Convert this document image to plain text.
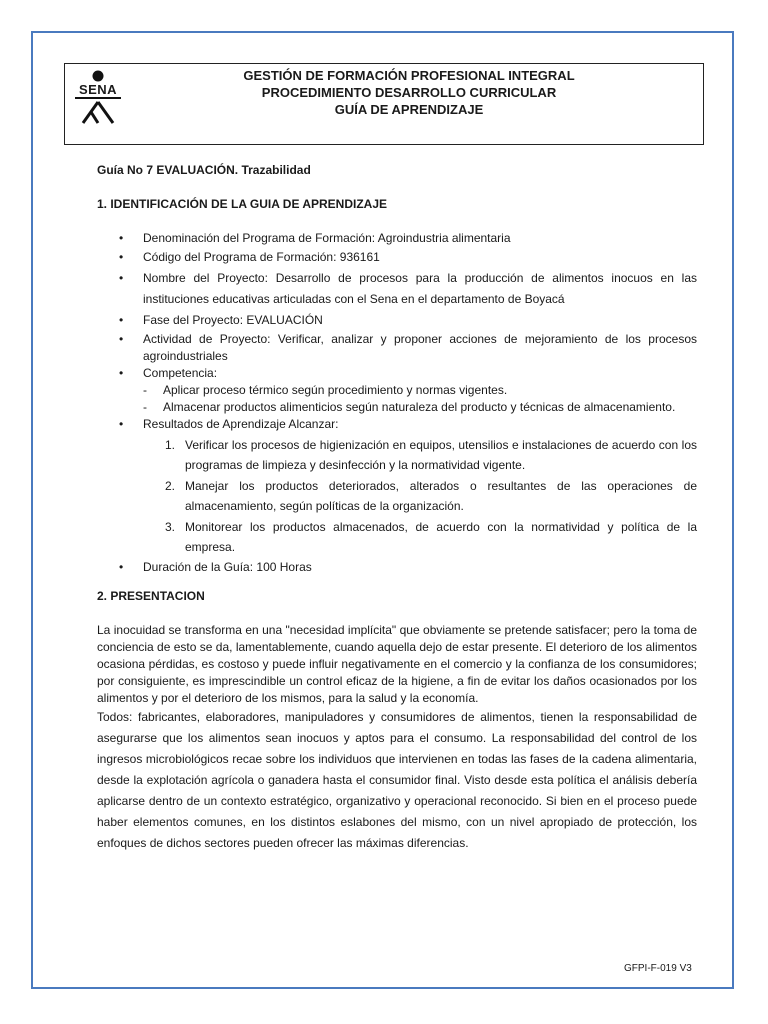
SENA
GESTIÓN DE FORMACIÓN PROFESIONAL INTEGRAL
PROCEDIMIENTO DESARROLLO CURRICULAR
GUÍA DE APRENDIZAJE

Guía No 7 EVALUACIÓN. Trazabilidad

1. IDENTIFICACIÓN DE LA GUIA DE APRENDIZAJE

• Denominación del Programa de Formación: Agroindustria alimentaria
• Código del Programa de Formación: 936161
• Nombre del Proyecto: Desarrollo de procesos para la producción de alimentos inocuos en las instituciones educativas articuladas con el Sena en el departamento de Boyacá
• Fase del Proyecto: EVALUACIÓN
• Actividad de Proyecto: Verificar, analizar y proponer acciones de mejoramiento de los procesos agroindustriales
• Competencia:
- Aplicar proceso térmico según procedimiento y normas vigentes.
- Almacenar productos alimenticios según naturaleza del producto y técnicas de almacenamiento.
• Resultados de Aprendizaje Alcanzar:
1. Verificar los procesos de higienización en equipos, utensilios e instalaciones de acuerdo con los programas de limpieza y desinfección y la normatividad vigente.
2. Manejar los productos deteriorados, alterados o resultantes de las operaciones de almacenamiento, según políticas de la organización.
3. Monitorear los productos almacenados, de acuerdo con la normatividad y política de la empresa.
• Duración de la Guía: 100 Horas

2. PRESENTACION

La inocuidad se transforma en una "necesidad implícita" que obviamente se pretende satisfacer; pero la toma de conciencia de esto se da, lamentablemente, cuando aquella dejo de estar presente. El deterioro de los alimentos ocasiona pérdidas, es costoso y puede influir negativamente en el comercio y la confianza de los consumidores; por consiguiente, es imprescindible un control eficaz de la higiene, a fin de evitar los daños ocasionados por los alimentos y por el deterioro de los mismos, para la salud y la economía.

Todos: fabricantes, elaboradores, manipuladores y consumidores de alimentos, tienen la responsabilidad de asegurarse que los alimentos sean inocuos y aptos para el consumo. La responsabilidad del control de los ingresos microbiológicos recae sobre los individuos que intervienen en todas las fases de la cadena alimentaria, desde la explotación agrícola o ganadera hasta el consumidor final. Visto desde esta política el análisis debería aplicarse dentro de un contexto estratégico, organizativo y operacional reconocido. Si bien en el proceso puede haber elementos comunes, en los distintos eslabones del mismo, con un nivel apropiado de protección, los enfoques de dichos sectores pueden ofrecer las máximas diferencias.

GFPI-F-019 V3
